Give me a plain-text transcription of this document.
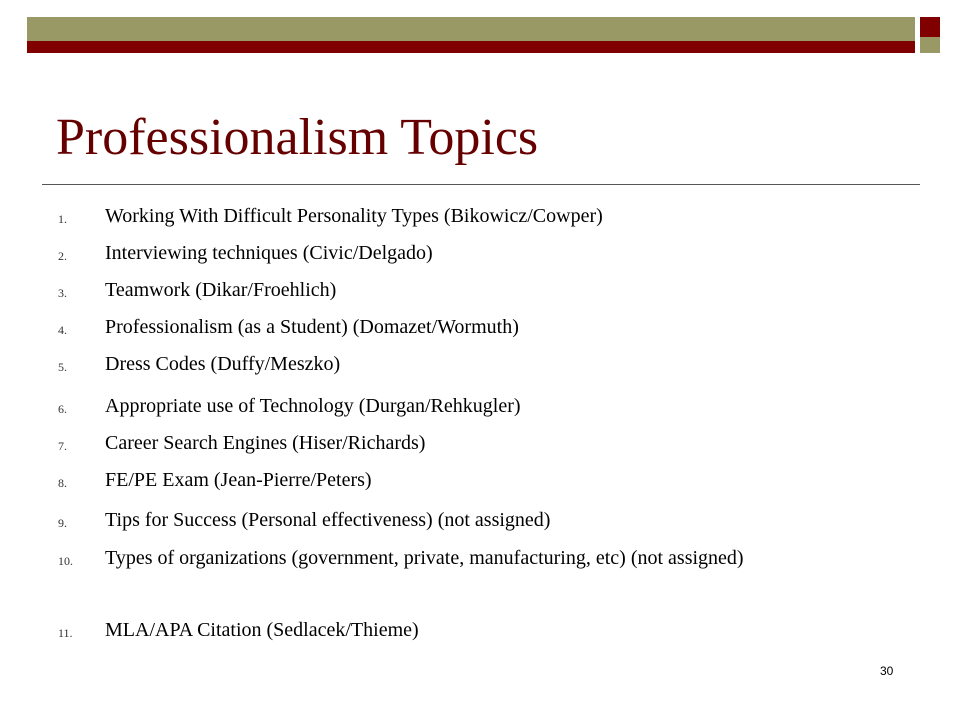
Professionalism Topics
1. Working With Difficult Personality Types (Bikowicz/Cowper)
2. Interviewing techniques (Civic/Delgado)
3. Teamwork (Dikar/Froehlich)
4. Professionalism (as a Student) (Domazet/Wormuth)
5. Dress Codes (Duffy/Meszko)
6. Appropriate use of Technology (Durgan/Rehkugler)
7. Career Search Engines (Hiser/Richards)
8. FE/PE Exam (Jean-Pierre/Peters)
9. Tips for Success (Personal effectiveness) (not assigned)
10. Types of organizations (government, private, manufacturing, etc) (not assigned)
11. MLA/APA Citation (Sedlacek/Thieme)
30
